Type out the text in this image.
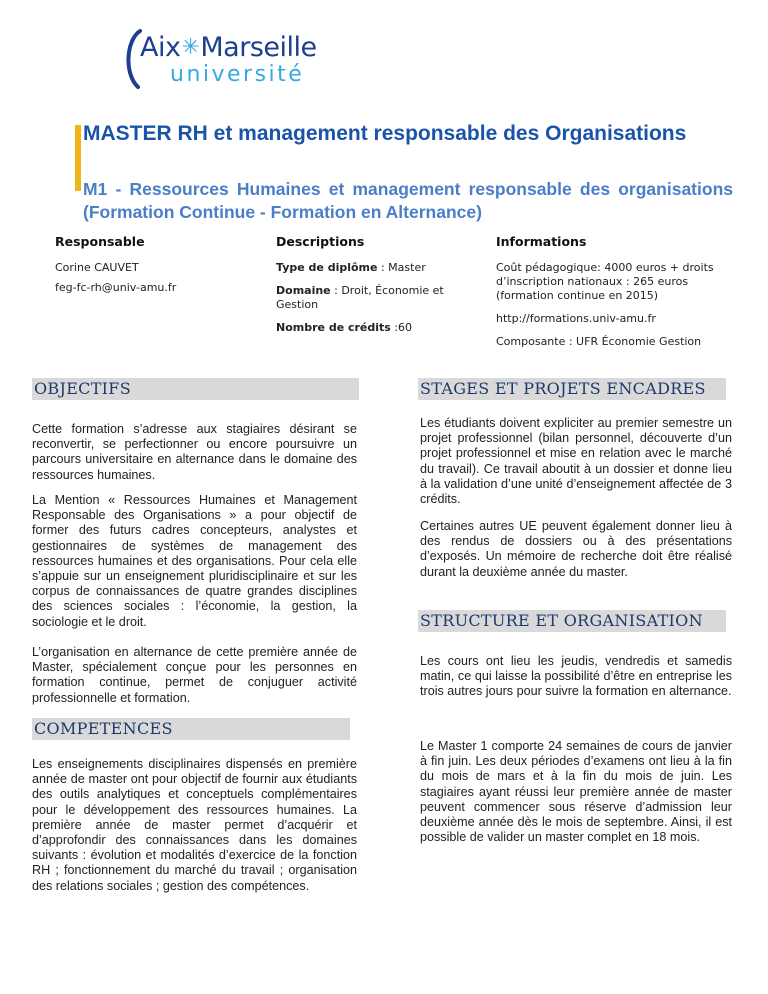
Aix✳Marseille
université
MASTER RH et management responsable des Organisations
M1 - Ressources Humaines et management responsable des organisations (Formation Continue - Formation en Alternance)
Responsable

Corine CAUVET

feg-fc-rh@univ-amu.fr

Descriptions

Type de diplôme : Master

Domaine : Droit, Économie et Gestion

Nombre de crédits :60

Informations

Coût pédagogique: 4000 euros + droits d’inscription nationaux : 265 euros (formation continue en 2015)

http://formations.univ-amu.fr

Composante : UFR Économie Gestion

OBJECTIFS

Cette formation s’adresse aux stagiaires désirant se reconvertir, se perfectionner ou encore poursuivre un parcours universitaire en alternance dans le domaine des ressources humaines.

La Mention « Ressources Humaines et Management Responsable des Organisations » a pour objectif de former des futurs cadres concepteurs, analystes et gestionnaires de systèmes de management des ressources humaines et des organisations. Pour cela elle s’appuie sur un enseignement pluridisciplinaire et sur les corpus de connaissances de quatre grandes disciplines des sciences sociales : l’économie, la gestion, la sociologie et le droit.

L’organisation en alternance de cette première année de Master, spécialement conçue pour les personnes en formation continue, permet de conjuguer activité professionnelle et formation.

COMPETENCES

Les enseignements disciplinaires dispensés en première année de master ont pour objectif de fournir aux étudiants des outils analytiques et conceptuels complémentaires pour le développement des ressources humaines. La première année de master permet d’acquérir et d’approfondir des connaissances dans les domaines suivants : évolution et modalités d’exercice de la fonction RH ; fonctionnement du marché du travail ; organisation des relations sociales ; gestion des compétences.

STAGES ET PROJETS ENCADRES

Les étudiants doivent expliciter au premier semestre un projet professionnel (bilan personnel, découverte d’un projet professionnel et mise en relation avec le marché du travail). Ce travail aboutit à un dossier et donne lieu à la validation d’une unité d’enseignement affectée de 3 crédits.

Certaines autres UE peuvent également donner lieu à des rendus de dossiers ou à des présentations d’exposés. Un mémoire de recherche doit être réalisé durant la deuxième année du master.

STRUCTURE ET ORGANISATION

Les cours ont lieu les jeudis, vendredis et samedis matin, ce qui laisse la possibilité d’être en entreprise les trois autres jours pour suivre la formation en alternance.

Le Master 1 comporte 24 semaines de cours de janvier à fin juin. Les deux périodes d’examens ont lieu à la fin du mois de mars et à la fin du mois de juin. Les stagiaires ayant réussi leur première année de master peuvent commencer sous réserve d’admission leur deuxième année dès le mois de septembre. Ainsi, il est possible de valider un master complet en 18 mois.
